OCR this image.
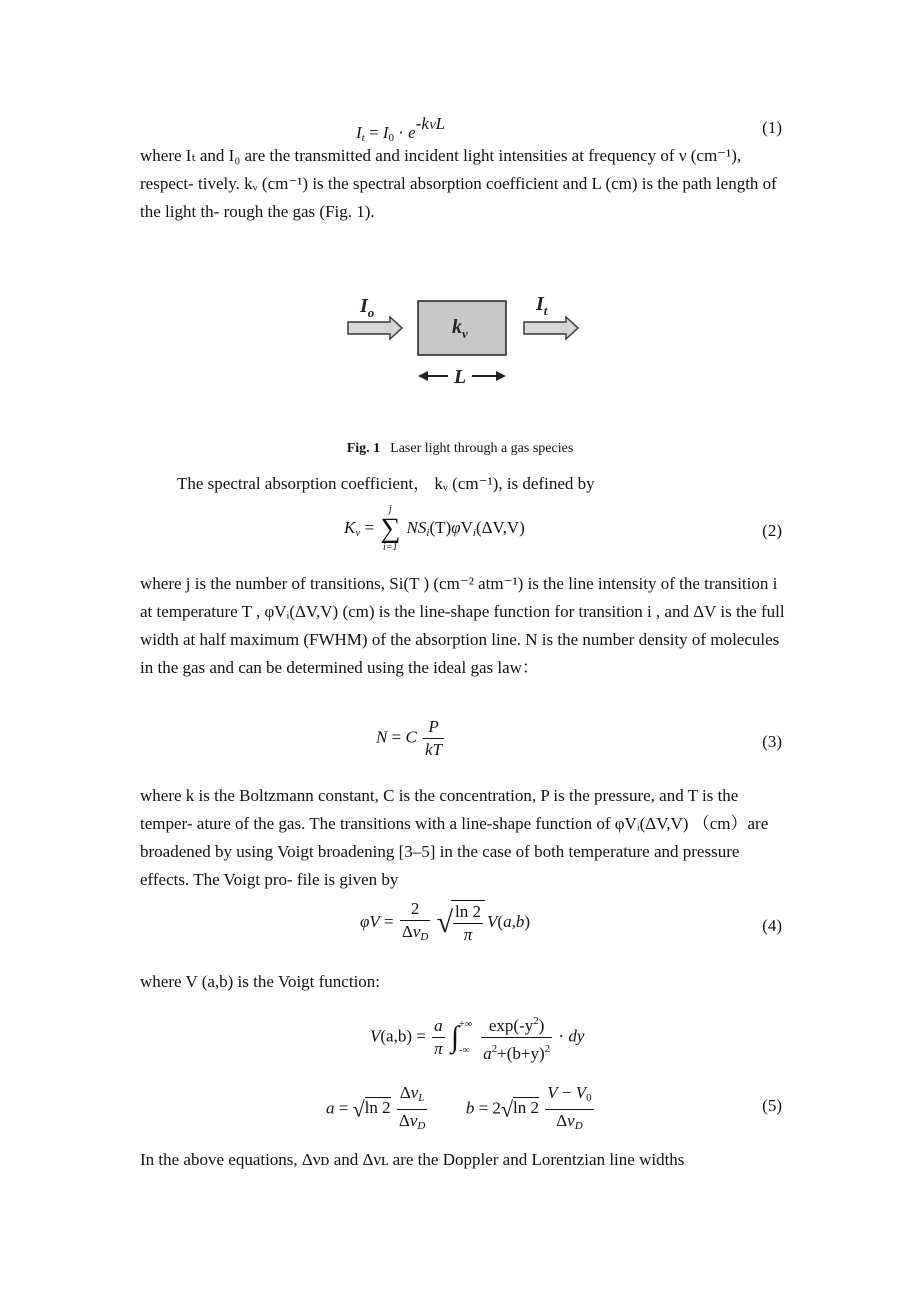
$I_t = I_0 \cdot e-kVL$	(1)
where Iₜ and I₀ are the transmitted and incident light intensities at frequency of ν (cm⁻¹), respect- tively. kᵥ (cm⁻¹) is the spectral absorption coefficient and L (cm) is the path length of the light th- rough the gas (Fig. 1).
$I_o$
$k_v$
$I_t$
L
Fig. 1 Laser light through a gas species
The spectral absorption coefficient， kᵥ (cm⁻¹), is defined by
$K_v$ =
j
∑
i=1
$NS_i(T)\varphi V_i(\Delta V,V)$	(2)
where j is the number of transitions, Si(T ) (cm⁻² atm⁻¹) is the line intensity of the transition i at temperature T , φVᵢ(ΔV,V) (cm) is the line-shape function for transition i , and ΔV is the full width at half maximum (FWHM) of the absorption line. N is the number density of molecules in the gas and can be determined using the ideal gas law：
N = C $\frac{P}{kT}$	(3)
where k is the Boltzmann constant, C is the concentration, P is the pressure, and T is the temper- ature of the gas. The transitions with a line-shape function of φVᵢ(ΔV,V) （cm）are broadened by using Voigt broadening [3–5] in the case of both temperature and pressure effects. The Voigt pro- file is given by
$\varphi V = \frac{2}{\Delta\nu_D}$ √
$\frac{\ln 2}{\pi} V(a,b)$	(4)
where V (a,b) is the Voigt function:
$V(a,b) = \frac{a}{\pi}$ ∫+∞
-∞ $\frac{\exp(-y^2)}{a^2+(b+y)^2}$ · dy
a = √ln $2 \frac{\Delta\nu_L}{\Delta\nu_D}$ b = 2√ln $2 \frac{V - V_0}{\Delta\nu_D}$	(5)
In the above equations, Δνᴅ and Δνʟ are the Doppler and Lorentzian line widths
